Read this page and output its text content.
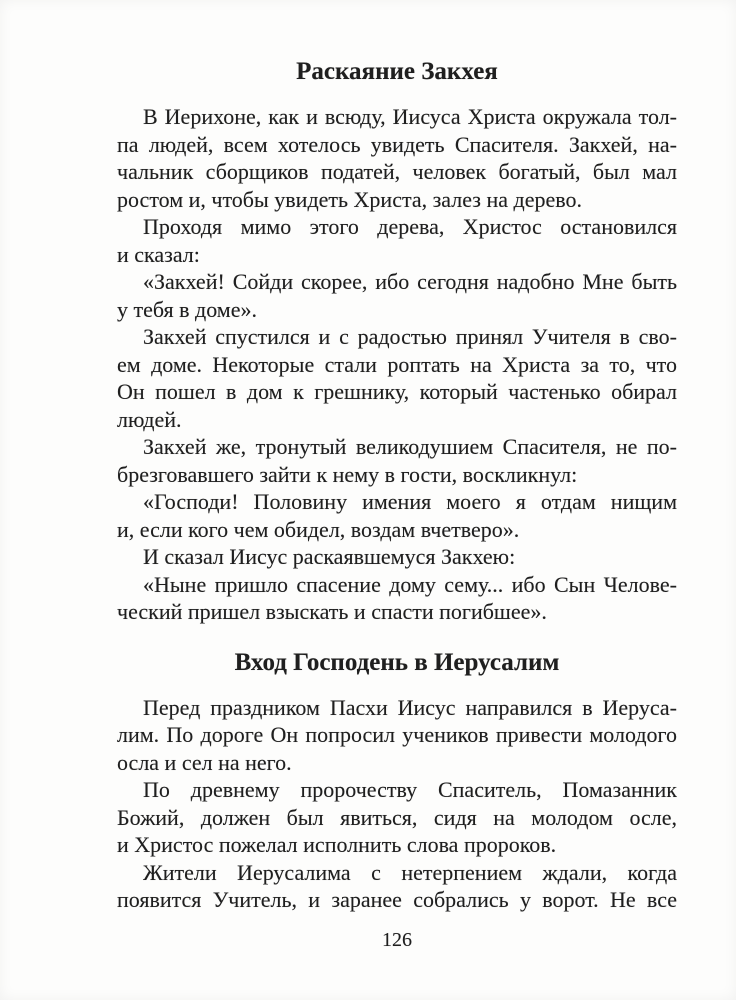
Раскаяние Закхея
В Иерихоне, как и всюду, Иисуса Христа окружала тол-
па людей, всем хотелось увидеть Спасителя. Закхей, на-
чальник сборщиков податей, человек богатый, был мал
ростом и, чтобы увидеть Христа, залез на дерево.
Проходя мимо этого дерева, Христос остановился
и сказал:
«Закхей! Сойди скорее, ибо сегодня надобно Мне быть
у тебя в доме».
Закхей спустился и с радостью принял Учителя в сво-
ем доме. Некоторые стали роптать на Христа за то, что
Он пошел в дом к грешнику, который частенько обирал
людей.
Закхей же, тронутый великодушием Спасителя, не по-
брезговавшего зайти к нему в гости, воскликнул:
«Господи! Половину имения моего я отдам нищим
и, если кого чем обидел, воздам вчетверо».
И сказал Иисус раскаявшемуся Закхею:
«Ныне пришло спасение дому сему... ибо Сын Челове-
ческий пришел взыскать и спасти погибшее».
Вход Господень в Иерусалим
Перед праздником Пасхи Иисус направился в Иеруса-
лим. По дороге Он попросил учеников привести молодого
осла и сел на него.
По древнему пророчеству Спаситель, Помазанник
Божий, должен был явиться, сидя на молодом осле,
и Христос пожелал исполнить слова пророков.
Жители Иерусалима с нетерпением ждали, когда
появится Учитель, и заранее собрались у ворот. Не все
126
